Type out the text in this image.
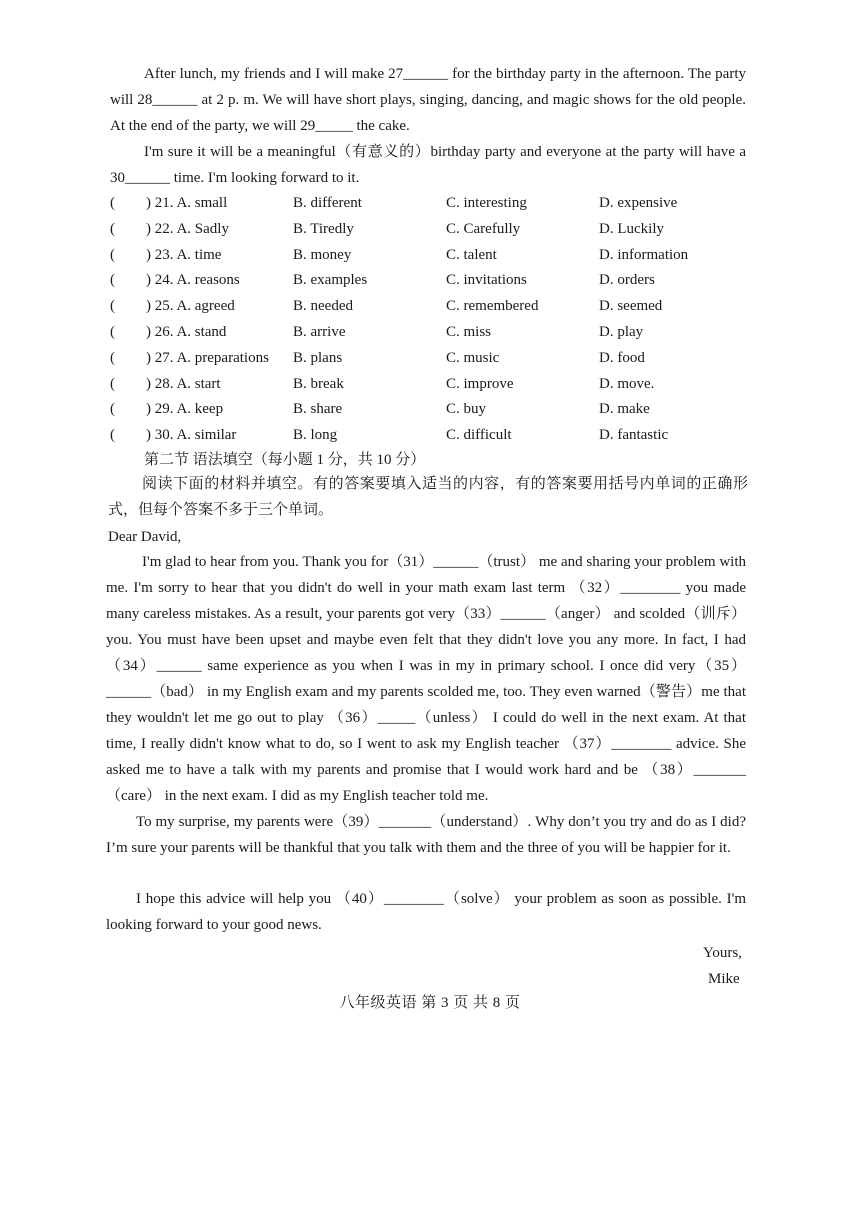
After lunch, my friends and I will make 27______ for the birthday party in the afternoon. The party will 28______ at 2 p. m. We will have short plays, singing, dancing, and magic shows for the old people. At the end of the party, we will 29_____ the cake.

I'm sure it will be a meaningful（有意义的）birthday party and everyone at the party will have a 30______ time. I'm looking forward to it.

( ) 21. A. small	B. different	C. interesting	D. expensive
( ) 22. A. Sadly	B. Tiredly	C. Carefully	D. Luckily
( ) 23. A. time	B. money	C. talent	D. information
( ) 24. A. reasons	B. examples	C. invitations	D. orders
( ) 25. A. agreed	B. needed	C. remembered	D. seemed
( ) 26. A. stand	B. arrive	C. miss	D. play
( ) 27. A. preparations B. plans	C. music	D. food
( ) 28. A. start	B. break	C. improve	D. move.
( ) 29. A. keep	B. share	C. buy	D. make
( ) 30. A. similar	B. long	C. difficult	D. fantastic
第二节 语法填空（每小题 1 分，共 10 分）
阅读下面的材料并填空。有的答案要填入适当的内容，有的答案要用括号内单词的正确形式，但每个答案不多于三个单词。
Dear David,

I'm glad to hear from you. Thank you for（31）______（trust） me and sharing your problem with me. I'm sorry to hear that you didn't do well in your math exam last term （32）________ you made many careless mistakes. As a result, your parents got very（33）______（anger） and scolded（训斥）you. You must have been upset and maybe even felt that they didn't love you any more. In fact, I had （34）______ same experience as you when I was in my in primary school. I once did very（35）______（bad） in my English exam and my parents scolded me, too. They even warned（警告）me that they wouldn't let me go out to play （36）_____（unless） I could do well in the next exam. At that time, I really didn't know what to do, so I went to ask my English teacher （37）________ advice. She asked me to have a talk with my parents and promise that I would work hard and be （38）_______ （care） in the next exam. I did as my English teacher told me.

To my surprise, my parents were（39）_______（understand）. Why don’t you try and do as I did? I’m sure your parents will be thankful that you talk with them and the three of you will be happier for it.

I hope this advice will help you （40）________（solve） your problem as soon as possible. I'm looking forward to your good news.

Yours,
Mike
八年级英语 第 3 页 共 8 页
